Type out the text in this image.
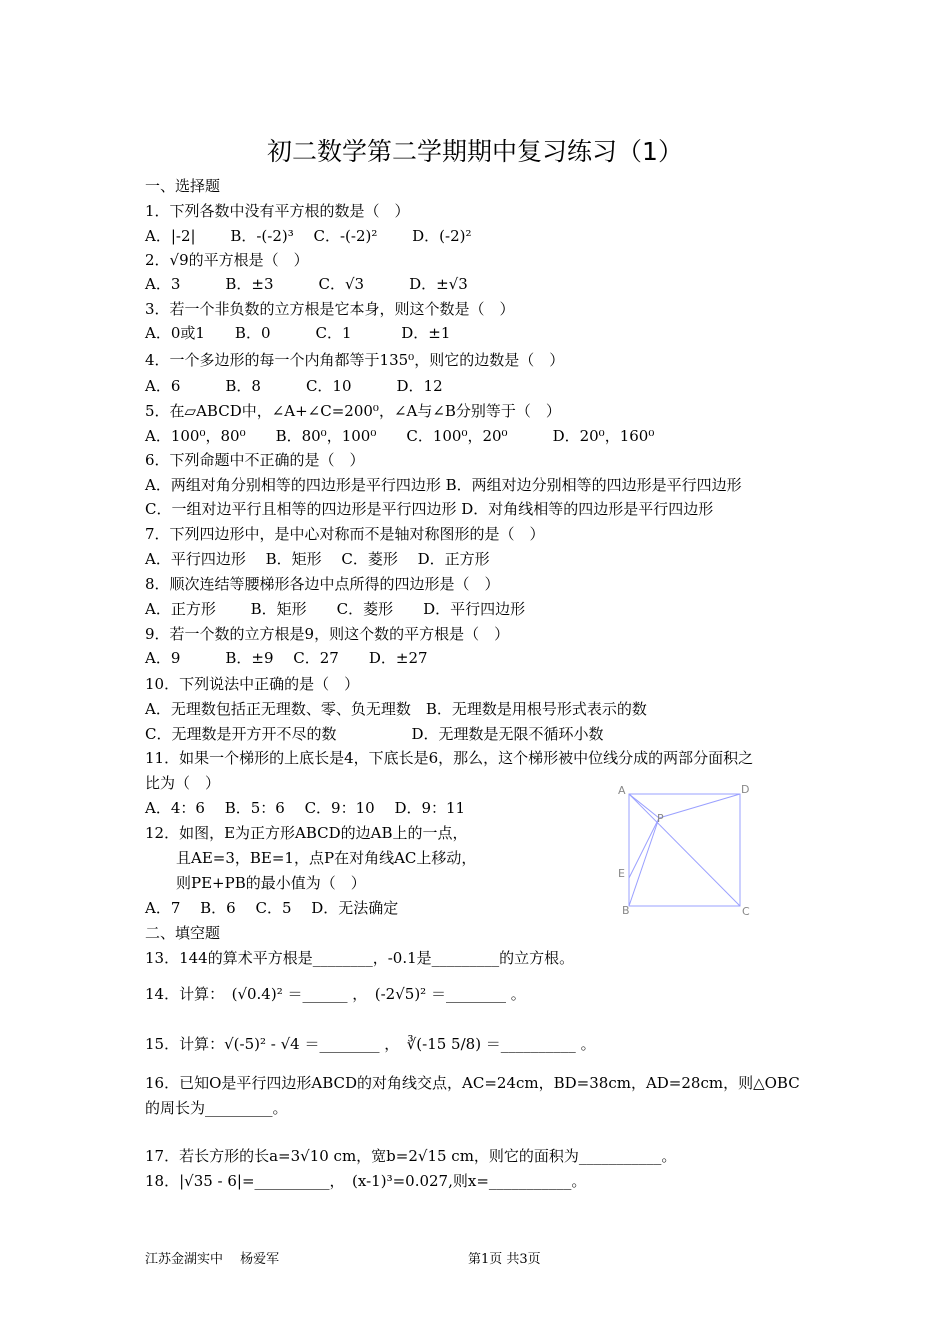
初二数学第二学期期中复习练习（1）
一、选择题
1．下列各数中没有平方根的数是（　）
A．|-2|　　 B．-(-2)³　 C．-(-2)²　　 D．(-2)²
2．√9的平方根是（　）
A．3　　　B．±3　　　C．√3　　　D．±√3
3．若一个非负数的立方根是它本身，则这个数是（　）
A．0或1　　B．0　　　C．1　　　 D．±1
4．一个多边形的每一个内角都等于135⁰，则它的边数是（　）
A．6　　　B．8　　　C．10　　　D．12
5．在▱ABCD中，∠A+∠C=200⁰，∠A与∠B分别等于（　）
A．100⁰，80⁰　　B．80⁰，100⁰　　C．100⁰，20⁰　　　D．20⁰，160⁰
6．下列命题中不正确的是（　）
A．两组对角分别相等的四边形是平行四边形 B．两组对边分别相等的四边形是平行四边形
C．一组对边平行且相等的四边形是平行四边形 D．对角线相等的四边形是平行四边形
7．下列四边形中，是中心对称而不是轴对称图形的是（　）
A．平行四边形　 B．矩形　 C．菱形　 D．正方形
8．顺次连结等腰梯形各边中点所得的四边形是（　）
A．正方形　　 B．矩形　　C．菱形　　D．平行四边形
9．若一个数的立方根是9，则这个数的平方根是（　）
A．9　　　B．±9　 C．27　　D．±27
10．下列说法中正确的是（　）
A．无理数包括正无理数、零、负无理数　B．无理数是用根号形式表示的数
C．无理数是开方开不尽的数　　　　　D．无理数是无限不循环小数
11．如果一个梯形的上底长是4，下底长是6，那么，这个梯形被中位线分成的两部分面积之
比为（　）
A．4：6　 B．5：6　 C．9：10　 D．9：11
12．如图，E为正方形ABCD的边AB上的一点，
且AE=3，BE=1，点P在对角线AC上移动，
则PE+PB的最小值为（　）
A．7　 B．6　 C．5　 D．无法确定
二、填空题
13．144的算术平方根是________，-0.1是_________的立方根。
14．计算：　(√0.4)² ＝______ ，　(-2√5)² ＝________ 。
15．计算：√(-5)² - √4 ＝________ ，　∛(-15 5/8) ＝__________ 。
16．已知O是平行四边形ABCD的对角线交点，AC=24cm，BD=38cm，AD=28cm，则△OBC
的周长为_________。
17．若长方形的长a=3√10 cm，宽b=2√15 cm，则它的面积为___________。
18．|√35 - 6|=__________，　(x-1)³=0.027,则x=___________。
A	D
P
E
B	C
江苏金湖实中　 杨爱军	第1页 共3页
